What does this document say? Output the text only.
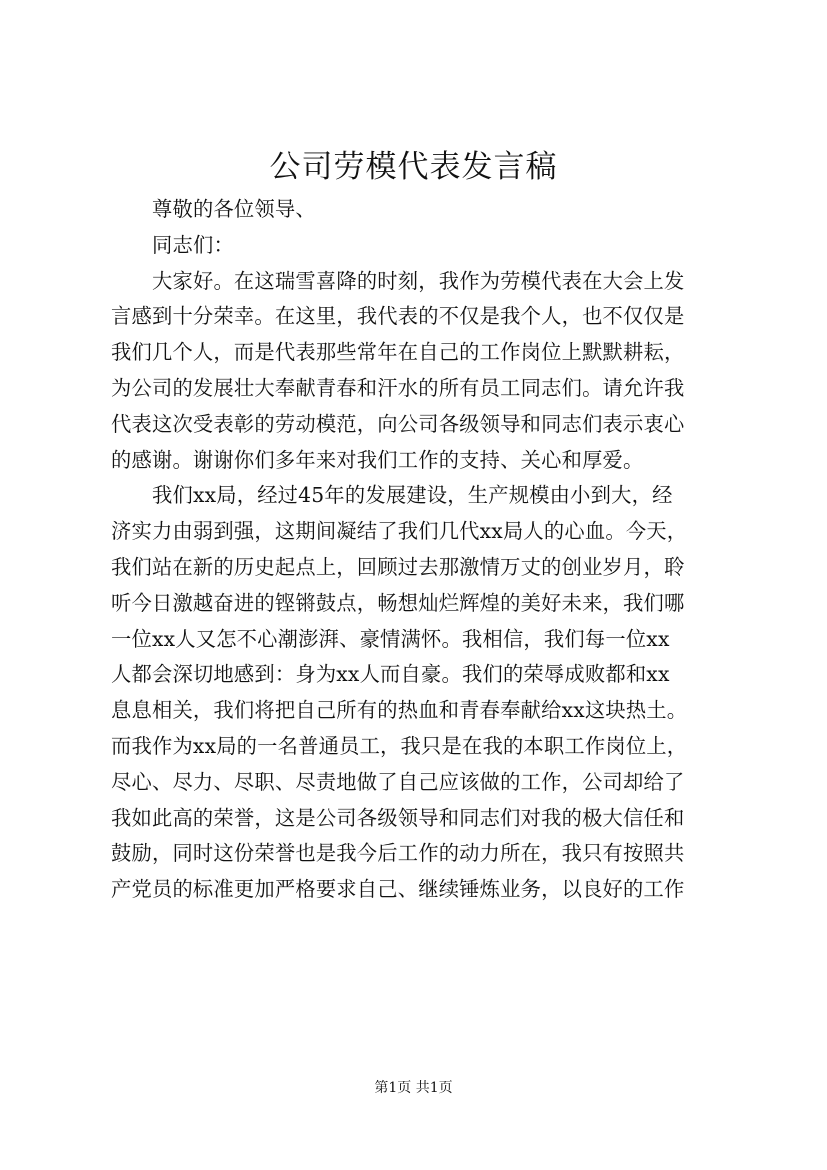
公司劳模代表发言稿
尊敬的各位领导、
同志们：
大家好。在这瑞雪喜降的时刻，我作为劳模代表在大会上发
言感到十分荣幸。在这里，我代表的不仅是我个人，也不仅仅是
我们几个人，而是代表那些常年在自己的工作岗位上默默耕耘，
为公司的发展壮大奉献青春和汗水的所有员工同志们。请允许我
代表这次受表彰的劳动模范，向公司各级领导和同志们表示衷心
的感谢。谢谢你们多年来对我们工作的支持、关心和厚爱。
我们xx局，经过45年的发展建设，生产规模由小到大，经
济实力由弱到强，这期间凝结了我们几代xx局人的心血。今天，
我们站在新的历史起点上，回顾过去那激情万丈的创业岁月，聆
听今日激越奋进的铿锵鼓点，畅想灿烂辉煌的美好未来，我们哪
一位xx人又怎不心潮澎湃、豪情满怀。我相信，我们每一位xx
人都会深切地感到：身为xx人而自豪。我们的荣辱成败都和xx
息息相关，我们将把自己所有的热血和青春奉献给xx这块热土。
而我作为xx局的一名普通员工，我只是在我的本职工作岗位上，
尽心、尽力、尽职、尽责地做了自己应该做的工作，公司却给了
我如此高的荣誉，这是公司各级领导和同志们对我的极大信任和
鼓励，同时这份荣誉也是我今后工作的动力所在，我只有按照共
产党员的标准更加严格要求自己、继续锤炼业务，以良好的工作
第1页 共1页
